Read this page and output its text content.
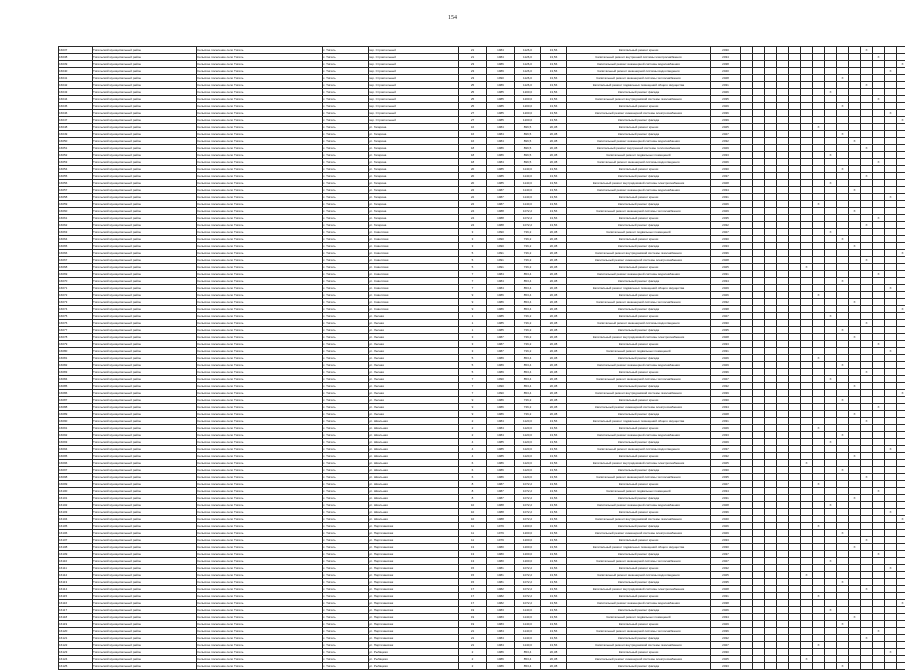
154
16037	Тигильский муниципальный район	Сельское поселение село Тигиль	с. Тигиль	пер. Строительный	21	1984	1126,0	13,56	Капитальный ремонт крыши	2030											X			
16038	Тигильский муниципальный район	Сельское поселение село Тигиль	с. Тигиль	пер. Строительный	21	1984	1126,0	13,56	Капитальный ремонт внутренней системы электроснабжения	2034												X		
16039	Тигильский муниципальный район	Сельское поселение село Тигиль	с. Тигиль	пер. Строительный	23	1986	1126,0	13,56	Капитальный ремонт инженерной системы водоснабжения	2038														X
16040	Тигильский муниципальный район	Сельское поселение село Тигиль	с. Тигиль	пер. Строительный	23	1989	1126,0	13,56	Капитальный ремонт инженерной системы водоотведения	2040													X	
16041	Тигильский муниципальный район	Сельское поселение село Тигиль	с. Тигиль	пер. Строительный	23	1990	1126,0	13,56	Капитальный ремонт инженерной системы теплоснабжения	2028									X					
16042	Тигильский муниципальный район	Сельское поселение село Тигиль	с. Тигиль	пер. Строительный	25	1989	1126,0	13,56	Капитальный ремонт подвальных помещений общего имущества	2031											X			
16043	Тигильский муниципальный район	Сельское поселение село Тигиль	с. Тигиль	пер. Строительный	25	1985	1200,0	13,56	Капитальный ремонт фасада	2026								X						
16044	Тигильский муниципальный район	Сельское поселение село Тигиль	с. Тигиль	пер. Строительный	25	1985	1200,0	13,56	Капитальный ремонт внутридомовой системы газоснабжения	2035												X		
16045	Тигильский муниципальный район	Сельское поселение село Тигиль	с. Тигиль	пер. Строительный	25	1985	1200,0	13,56	Капитальный ремонт крыши	2029									X					
16046	Тигильский муниципальный район	Сельское поселение село Тигиль	с. Тигиль	пер. Строительный	27	1985	1200,0	13,56	Капитальный ремонт инженерной системы электроснабжения	2036													X	
16047	Тигильский муниципальный район	Сельское поселение село Тигиль	с. Тигиль	пер. Строительный	27	1985	1200,0	13,56	Капитальный ремонт фасада	2039														X
16048	Тигильский муниципальный район	Сельское поселение село Тигиль	с. Тигиль	ул. Гагарина	16	1984	896,5	20,38	Капитальный ремонт крыши	2025							X							
16049	Тигильский муниципальный район	Сельское поселение село Тигиль	с. Тигиль	ул. Гагарина	16	1984	896,5	20,38	Капитальный ремонт фасада	2027									X					
16050	Тигильский муниципальный район	Сельское поселение село Тигиль	с. Тигиль	ул. Гагарина	16	1984	896,5	20,38	Капитальный ремонт инженерной системы водоснабжения	2032										X				
16051	Тигильский муниципальный район	Сельское поселение село Тигиль	с. Тигиль	ул. Гагарина	18	1986	896,5	20,38	Капитальный ремонт внутренней системы теплоснабжения	2029											X			
16052	Тигильский муниципальный район	Сельское поселение село Тигиль	с. Тигиль	ул. Гагарина	18	1986	896,5	20,38	Капитальный ремонт подвальных помещений	2033								X						
16053	Тигильский муниципальный район	Сельское поселение село Тигиль	с. Тигиль	ул. Гагарина	18	1984	896,5	20,38	Капитальный ремонт инженерной системы водоотведения	2026												X		
16054	Тигильский муниципальный район	Сельское поселение село Тигиль	с. Тигиль	ул. Гагарина	20	1985	1140,0	13,56	Капитальный ремонт крыши	2030									X					
16055	Тигильский муниципальный район	Сельское поселение село Тигиль	с. Тигиль	ул. Гагарина	20	1985	1140,0	13,56	Капитальный ремонт фасада	2037											X			
16056	Тигильский муниципальный район	Сельское поселение село Тигиль	с. Тигиль	ул. Гагарина	20	1985	1140,0	13,56	Капитальный ремонт внутридомовой системы электроснабжения	2028								X						
16057	Тигильский муниципальный район	Сельское поселение село Тигиль	с. Тигиль	ул. Гагарина	22	1987	1140,0	13,56	Капитальный ремонт инженерной системы водоснабжения	2034										X				
16058	Тигильский муниципальный район	Сельское поселение село Тигиль	с. Тигиль	ул. Гагарина	22	1987	1140,0	13,56	Капитальный ремонт крыши	2031													X	
16059	Тигильский муниципальный район	Сельское поселение село Тигиль	с. Тигиль	ул. Гагарина	22	1987	1140,0	13,56	Капитальный ремонт фасада	2026							X							
16060	Тигильский муниципальный район	Сельское поселение село Тигиль	с. Тигиль	ул. Гагарина	24	1988	1072,2	13,56	Капитальный ремонт инженерной системы теплоснабжения	2029										X				
16061	Тигильский муниципальный район	Сельское поселение село Тигиль	с. Тигиль	ул. Гагарина	24	1988	1072,2	13,56	Капитальный ремонт крыши	2035												X		
16062	Тигильский муниципальный район	Сельское поселение село Тигиль	с. Тигиль	ул. Гагарина	24	1988	1072,2	13,56	Капитальный ремонт фасада	2032											X			
16063	Тигильский муниципальный район	Сельское поселение село Тигиль	с. Тигиль	ул. Советская	3	1990	736,2	20,38	Капитальный ремонт подвальных помещений	2027								X						
16064	Тигильский муниципальный район	Сельское поселение село Тигиль	с. Тигиль	ул. Советская	3	1990	736,2	20,38	Капитальный ремонт крыши	2030									X					
16065	Тигильский муниципальный район	Сельское поселение село Тигиль	с. Тигиль	ул. Советская	3	1990	736,2	20,38	Капитальный ремонт фасада	2033										X				
16066	Тигильский муниципальный район	Сельское поселение село Тигиль	с. Тигиль	ул. Советская	5	1991	736,2	20,38	Капитальный ремонт внутридомовой системы газоснабжения	2036														X
16067	Тигильский муниципальный район	Сельское поселение село Тигиль	с. Тигиль	ул. Советская	5	1991	736,2	20,38	Капитальный ремонт инженерной системы электроснабжения	2028											X			
16068	Тигильский муниципальный район	Сельское поселение село Тигиль	с. Тигиль	ул. Советская	5	1991	736,2	20,38	Капитальный ремонт крыши	2025						X								
16069	Тигильский муниципальный район	Сельское поселение село Тигиль	с. Тигиль	ул. Советская	7	1984	853,4	20,38	Капитальный ремонт инженерной системы водоснабжения	2031												X		
16070	Тигильский муниципальный район	Сельское поселение село Тигиль	с. Тигиль	ул. Советская	7	1984	853,4	20,38	Капитальный ремонт фасада	2034									X					
16071	Тигильский муниципальный район	Сельское поселение село Тигиль	с. Тигиль	ул. Советская	7	1984	853,4	20,38	Капитальный ремонт подвальных помещений общего имущества	2029													X	
16072	Тигильский муниципальный район	Сельское поселение село Тигиль	с. Тигиль	ул. Советская	9	1986	853,4	20,38	Капитальный ремонт крыши	2026							X							
16073	Тигильский муниципальный район	Сельское поселение село Тигиль	с. Тигиль	ул. Советская	9	1986	853,4	20,38	Капитальный ремонт инженерной системы теплоснабжения	2032										X				
16074	Тигильский муниципальный район	Сельское поселение село Тигиль	с. Тигиль	ул. Советская	9	1986	853,4	20,38	Капитальный ремонт фасада	2038														X
16075	Тигильский муниципальный район	Сельское поселение село Тигиль	с. Тигиль	ул. Лесная	1	1985	736,2	20,38	Капитальный ремонт крыши	2027								X						
16076	Тигильский муниципальный район	Сельское поселение село Тигиль	с. Тигиль	ул. Лесная	1	1985	736,2	20,38	Капитальный ремонт инженерной системы водоотведения	2030											X			
16077	Тигильский муниципальный район	Сельское поселение село Тигиль	с. Тигиль	ул. Лесная	1	1985	736,2	20,38	Капитальный ремонт фасада	2035									X					
16078	Тигильский муниципальный район	Сельское поселение село Тигиль	с. Тигиль	ул. Лесная	3	1987	736,2	20,38	Капитальный ремонт внутридомовой системы электроснабжения	2028										X				
16079	Тигильский муниципальный район	Сельское поселение село Тигиль	с. Тигиль	ул. Лесная	3	1987	736,2	20,38	Капитальный ремонт крыши	2033												X		
16080	Тигильский муниципальный район	Сельское поселение село Тигиль	с. Тигиль	ул. Лесная	3	1987	736,2	20,38	Капитальный ремонт подвальных помещений	2031													X	
16081	Тигильский муниципальный район	Сельское поселение село Тигиль	с. Тигиль	ул. Лесная	5	1989	853,4	20,38	Капитальный ремонт фасада	2026							X							
16082	Тигильский муниципальный район	Сельское поселение село Тигиль	с. Тигиль	ул. Лесная	5	1989	853,4	20,38	Капитальный ремонт инженерной системы водоснабжения	2029									X					
16083	Тигильский муниципальный район	Сельское поселение село Тигиль	с. Тигиль	ул. Лесная	5	1989	853,4	20,38	Капитальный ремонт крыши	2036											X			
16084	Тигильский муниципальный район	Сельское поселение село Тигиль	с. Тигиль	ул. Лесная	7	1990	853,4	20,38	Капитальный ремонт инженерной системы теплоснабжения	2027								X						
16085	Тигильский муниципальный район	Сельское поселение село Тигиль	с. Тигиль	ул. Лесная	7	1990	853,4	20,38	Капитальный ремонт фасада	2032										X				
16086	Тигильский муниципальный район	Сельское поселение село Тигиль	с. Тигиль	ул. Лесная	7	1990	853,4	20,38	Капитальный ремонт внутридомовой системы газоснабжения	2039														X
16087	Тигильский муниципальный район	Сельское поселение село Тигиль	с. Тигиль	ул. Лесная	9	1986	736,2	20,38	Капитальный ремонт крыши	2030									X					
16088	Тигильский муниципальный район	Сельское поселение село Тигиль	с. Тигиль	ул. Лесная	9	1986	736,2	20,38	Капитальный ремонт инженерной системы электроснабжения	2034												X		
16089	Тигильский муниципальный район	Сельское поселение село Тигиль	с. Тигиль	ул. Лесная	9	1986	736,2	20,38	Капитальный ремонт фасада	2028										X				
16090	Тигильский муниципальный район	Сельское поселение село Тигиль	с. Тигиль	ул. Школьная	2	1984	1120,0	13,56	Капитальный ремонт подвальных помещений общего имущества	2031											X			
16091	Тигильский муниципальный район	Сельское поселение село Тигиль	с. Тигиль	ул. Школьная	2	1984	1120,0	13,56	Капитальный ремонт крыши	2026							X							
16092	Тигильский муниципальный район	Сельское поселение село Тигиль	с. Тигиль	ул. Школьная	2	1984	1120,0	13,56	Капитальный ремонт инженерной системы водоснабжения	2033									X					
16093	Тигильский муниципальный район	Сельское поселение село Тигиль	с. Тигиль	ул. Школьная	4	1985	1120,0	13,56	Капитальный ремонт фасада	2029								X						
16094	Тигильский муниципальный район	Сельское поселение село Тигиль	с. Тигиль	ул. Школьная	4	1985	1120,0	13,56	Капитальный ремонт инженерной системы водоотведения	2037													X	
16095	Тигильский муниципальный район	Сельское поселение село Тигиль	с. Тигиль	ул. Школьная	4	1985	1120,0	13,56	Капитальный ремонт крыши	2032										X				
16096	Тигильский муниципальный район	Сельское поселение село Тигиль	с. Тигиль	ул. Школьная	6	1986	1120,0	13,56	Капитальный ремонт внутридомовой системы электроснабжения	2025						X								
16097	Тигильский муниципальный район	Сельское поселение село Тигиль	с. Тигиль	ул. Школьная	6	1986	1120,0	13,56	Капитальный ремонт фасада	2030									X					
16098	Тигильский муниципальный район	Сельское поселение село Тигиль	с. Тигиль	ул. Школьная	6	1986	1120,0	13,56	Капитальный ремонт инженерной системы теплоснабжения	2035											X			
16099	Тигильский муниципальный район	Сельское поселение село Тигиль	с. Тигиль	ул. Школьная	8	1987	1072,2	13,56	Капитальный ремонт крыши	2027							X							
16100	Тигильский муниципальный район	Сельское поселение село Тигиль	с. Тигиль	ул. Школьная	8	1987	1072,2	13,56	Капитальный ремонт подвальных помещений	2034												X		
16101	Тигильский муниципальный район	Сельское поселение село Тигиль	с. Тигиль	ул. Школьная	8	1987	1072,2	13,56	Капитальный ремонт фасада	2031										X				
16102	Тигильский муниципальный район	Сельское поселение село Тигиль	с. Тигиль	ул. Школьная	10	1988	1072,2	13,56	Капитальный ремонт инженерной системы водоснабжения	2028								X						
16103	Тигильский муниципальный район	Сельское поселение село Тигиль	с. Тигиль	ул. Школьная	10	1988	1072,2	13,56	Капитальный ремонт крыши	2036													X	
16104	Тигильский муниципальный район	Сельское поселение село Тигиль	с. Тигиль	ул. Школьная	10	1988	1072,2	13,56	Капитальный ремонт внутридомовой системы газоснабжения	2040														X
16105	Тигильский муниципальный район	Сельское поселение село Тигиль	с. Тигиль	ул. Партизанская	11	1979	1200,0	13,56	Капитальный ремонт фасада	2026							X							
16106	Тигильский муниципальный район	Сельское поселение село Тигиль	с. Тигиль	ул. Партизанская	11	1979	1200,0	13,56	Капитальный ремонт инженерной системы электроснабжения	2029									X					
16107	Тигильский муниципальный район	Сельское поселение село Тигиль	с. Тигиль	ул. Партизанская	11	1979	1200,0	13,56	Капитальный ремонт крыши	2033											X			
16108	Тигильский муниципальный район	Сельское поселение село Тигиль	с. Тигиль	ул. Партизанская	13	1980	1200,0	13,56	Капитальный ремонт подвальных помещений общего имущества	2030										X				
16109	Тигильский муниципальный район	Сельское поселение село Тигиль	с. Тигиль	ул. Партизанская	13	1980	1200,0	13,56	Капитальный ремонт фасада	2037												X		
16110	Тигильский муниципальный район	Сельское поселение село Тигиль	с. Тигиль	ул. Партизанская	13	1980	1200,0	13,56	Капитальный ремонт инженерной системы теплоснабжения	2027								X						
16111	Тигильский муниципальный район	Сельское поселение село Тигиль	с. Тигиль	ул. Партизанская	15	1981	1072,2	13,56	Капитальный ремонт крыши	2032													X	
16112	Тигильский муниципальный район	Сельское поселение село Тигиль	с. Тигиль	ул. Партизанская	15	1981	1072,2	13,56	Капитальный ремонт инженерной системы водоотведения	2025						X								
16113	Тигильский муниципальный район	Сельское поселение село Тигиль	с. Тигиль	ул. Партизанская	15	1981	1072,2	13,56	Капитальный ремонт фасада	2035									X					
16114	Тигильский муниципальный район	Сельское поселение село Тигиль	с. Тигиль	ул. Партизанская	17	1982	1072,2	13,56	Капитальный ремонт внутридомовой системы электроснабжения	2028											X			
16115	Тигильский муниципальный район	Сельское поселение село Тигиль	с. Тигиль	ул. Партизанская	17	1982	1072,2	13,56	Капитальный ремонт крыши	2031							X							
16116	Тигильский муниципальный район	Сельское поселение село Тигиль	с. Тигиль	ул. Партизанская	17	1982	1072,2	13,56	Капитальный ремонт инженерной системы водоснабжения	2038														X
16117	Тигильский муниципальный район	Сельское поселение село Тигиль	с. Тигиль	ул. Партизанская	19	1983	1140,0	13,56	Капитальный ремонт фасада	2026								X						
16118	Тигильский муниципальный район	Сельское поселение село Тигиль	с. Тигиль	ул. Партизанская	19	1983	1140,0	13,56	Капитальный ремонт подвальных помещений	2034										X				
16119	Тигильский муниципальный район	Сельское поселение село Тигиль	с. Тигиль	ул. Партизанская	19	1983	1140,0	13,56	Капитальный ремонт крыши	2029									X					
16120	Тигильский муниципальный район	Сельское поселение село Тигиль	с. Тигиль	ул. Партизанская	21	1984	1140,0	13,56	Капитальный ремонт инженерной системы теплоснабжения	2036												X		
16121	Тигильский муниципальный район	Сельское поселение село Тигиль	с. Тигиль	ул. Партизанская	21	1984	1140,0	13,56	Капитальный ремонт фасада	2032											X			
16122	Тигильский муниципальный район	Сельское поселение село Тигиль	с. Тигиль	ул. Партизанская	21	1984	1140,0	13,56	Капитальный ремонт внутридомовой системы газоснабжения	2027							X							
16123	Тигильский муниципальный район	Сельское поселение село Тигиль	с. Тигиль	ул. Рыбацкая	2	1986	853,4	20,38	Капитальный ремонт крыши	2030													X	
16124	Тигильский муниципальный район	Сельское поселение село Тигиль	с. Тигиль	ул. Рыбацкая	2	1986	853,4	20,38	Капитальный ремонт инженерной системы электроснабжения	2025						X								
16125	Тигильский муниципальный район	Сельское поселение село Тигиль	с. Тигиль	ул. Рыбацкая	2	1986	853,4	20,38	Капитальный ремонт фасада	2033									X					
